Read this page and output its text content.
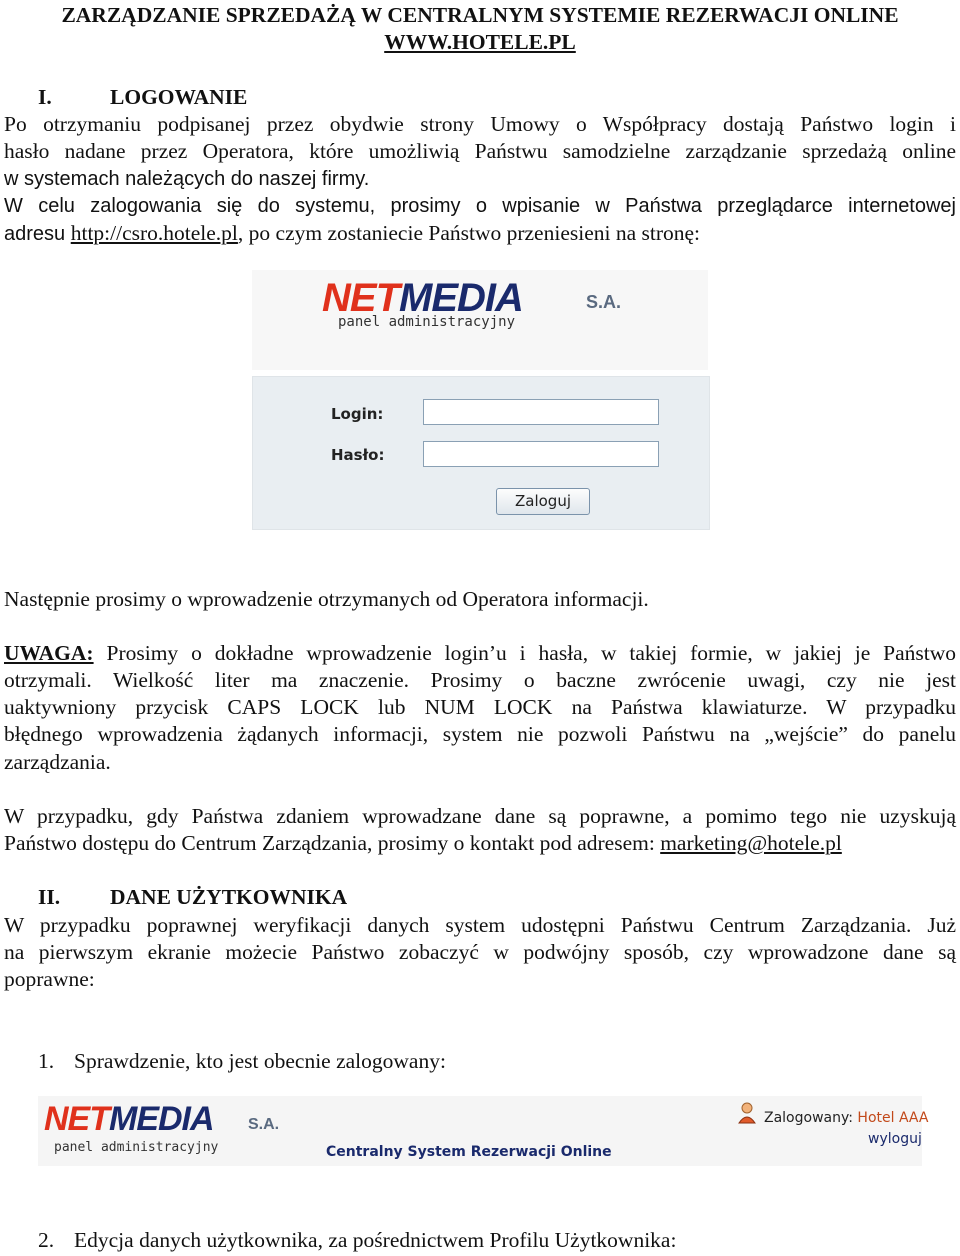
ZARZĄDZANIE SPRZEDAŻĄ W CENTRALNYM SYSTEMIE REZERWACJI ONLINE
WWW.HOTELE.PL
I.	LOGOWANIE
Po otrzymaniu podpisanej przez obydwie strony Umowy o Współpracy dostają Państwo login i
hasło nadane przez Operatora, które umożliwią Państwu samodzielne zarządzanie sprzedażą online
w systemach należących do naszej firmy.
W celu zalogowania się do systemu, prosimy o wpisanie w Państwa przeglądarce internetowej
adresu http://csro.hotele.pl, po czym zostaniecie Państwo przeniesieni na stronę:
NETMEDIA	S.A.
panel administracyjny
Login:
Hasło:
Zaloguj
Następnie prosimy o wprowadzenie otrzymanych od Operatora informacji.
UWAGA: Prosimy o dokładne wprowadzenie login’u i hasła, w takiej formie, w jakiej je Państwo
otrzymali. Wielkość liter ma znaczenie. Prosimy o baczne zwrócenie uwagi, czy nie jest
uaktywniony przycisk CAPS LOCK lub NUM LOCK na Państwa klawiaturze. W przypadku
błędnego wprowadzenia żądanych informacji, system nie pozwoli Państwu na „wejście” do panelu
zarządzania.
W przypadku, gdy Państwa zdaniem wprowadzane dane są poprawne, a pomimo tego nie uzyskują
Państwo dostępu do Centrum Zarządzania, prosimy o kontakt pod adresem: marketing@hotele.pl
II. DANE UŻYTKOWNIKA
W przypadku poprawnej weryfikacji danych system udostępni Państwu Centrum Zarządzania. Już
na pierwszym ekranie możecie Państwo zobaczyć w podwójny sposób, czy wprowadzone dane są
poprawne:
1. Sprawdzenie, kto jest obecnie zalogowany:
NETMEDIA S.A.
panel administracyjny	Centralny System Rezerwacji Online
Zalogowany: Hotel AAA
wyloguj
2. Edycja danych użytkownika, za pośrednictwem Profilu Użytkownika:
